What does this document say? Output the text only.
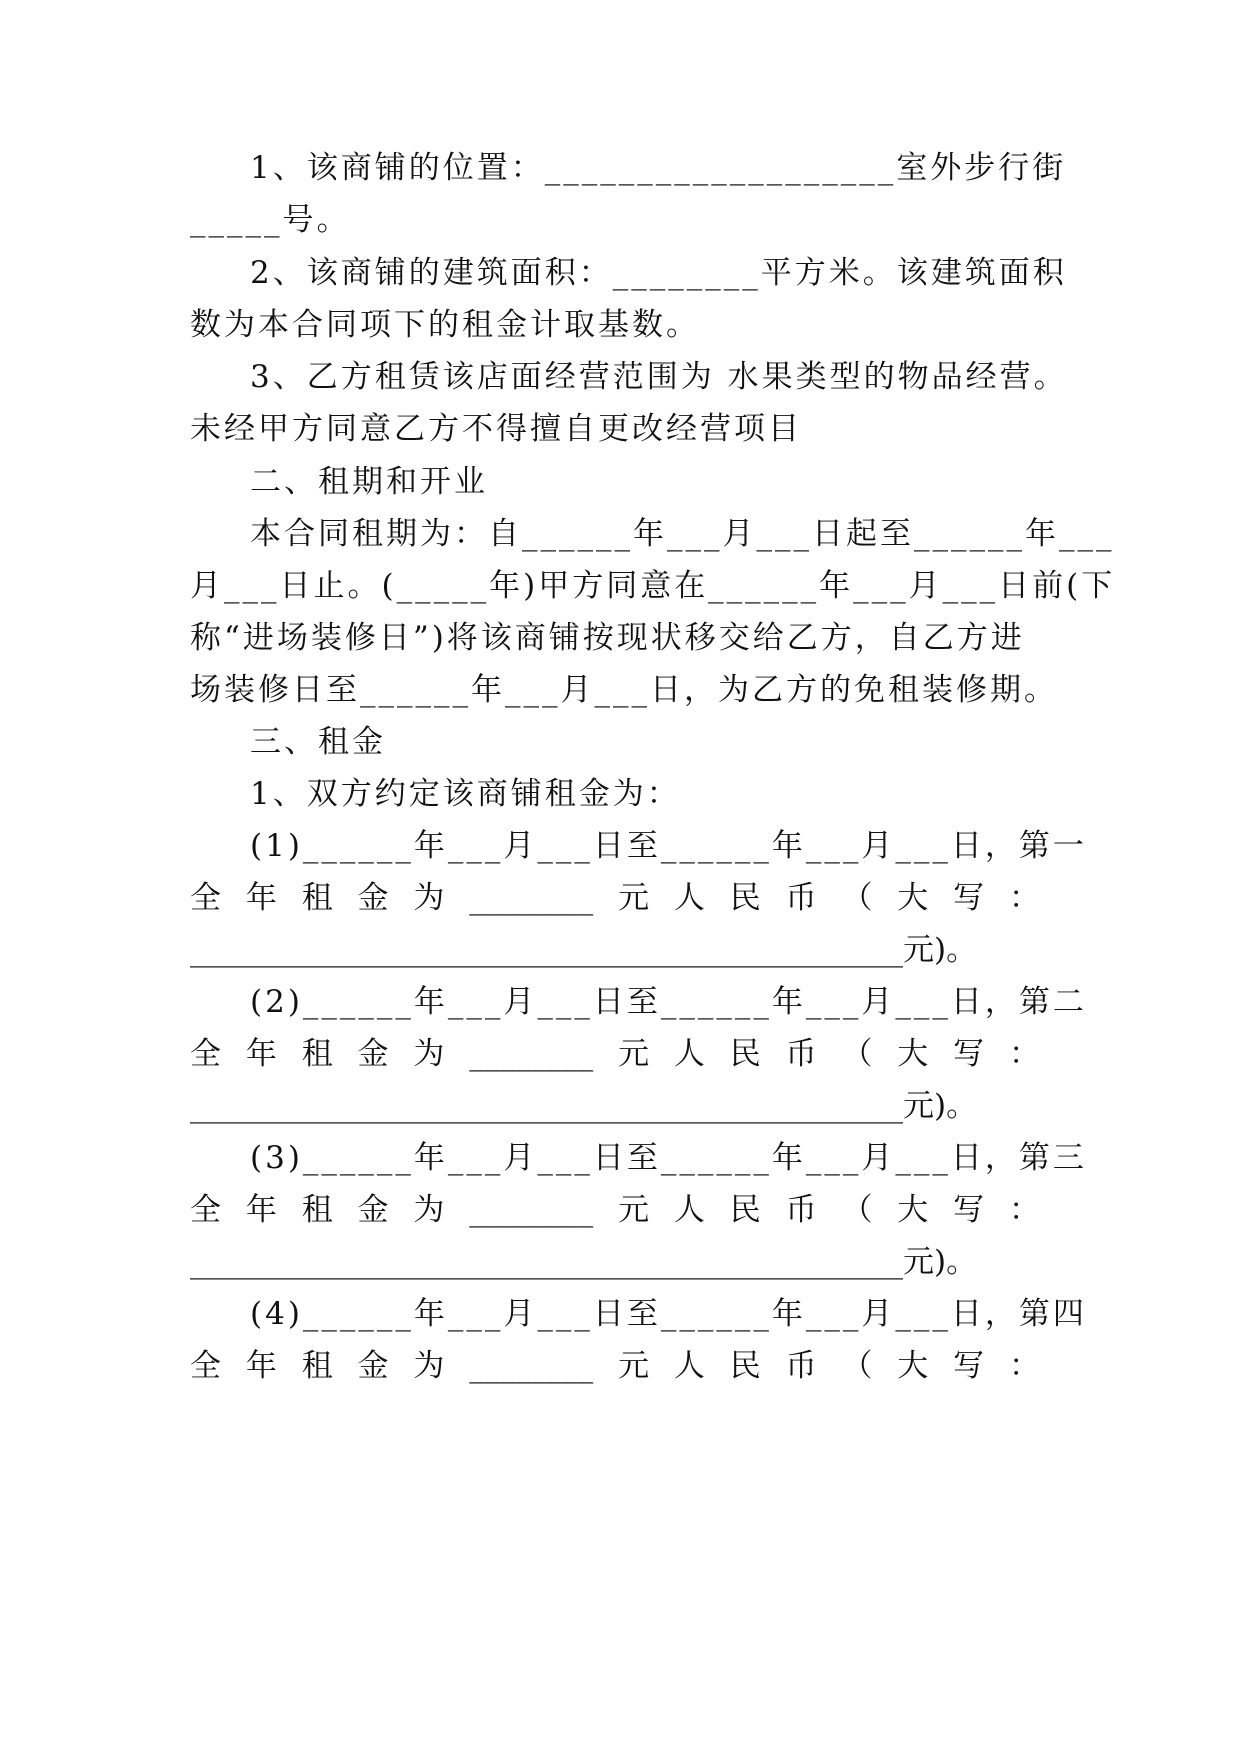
1、该商铺的位置：___________________室外步行街
_____号。
2、该商铺的建筑面积：________平方米。该建筑面积
数为本合同项下的租金计取基数。
3、乙方租赁该店面经营范围为 水果类型的物品经营。
未经甲方同意乙方不得擅自更改经营项目
二、租期和开业
本合同租期为：自______年___月___日起至______年___
月___日止。(_____年)甲方同意在______年___月___日前(下
称“进场装修日”)将该商铺按现状移交给乙方，自乙方进
场装修日至______年___月___日，为乙方的免租装修期。
三、租金
1、双方约定该商铺租金为：
(1)______年___月___日至______年___月___日，第一
全 年 租 金 为 ________ 元 人 民 币 （ 大 写 ：
______________________________________________元)。
(2)______年___月___日至______年___月___日，第二
全 年 租 金 为 ________ 元 人 民 币 （ 大 写 ：
______________________________________________元)。
(3)______年___月___日至______年___月___日，第三
全 年 租 金 为 ________ 元 人 民 币 （ 大 写 ：
______________________________________________元)。
(4)______年___月___日至______年___月___日，第四
全 年 租 金 为 ________ 元 人 民 币 （ 大 写 ：
